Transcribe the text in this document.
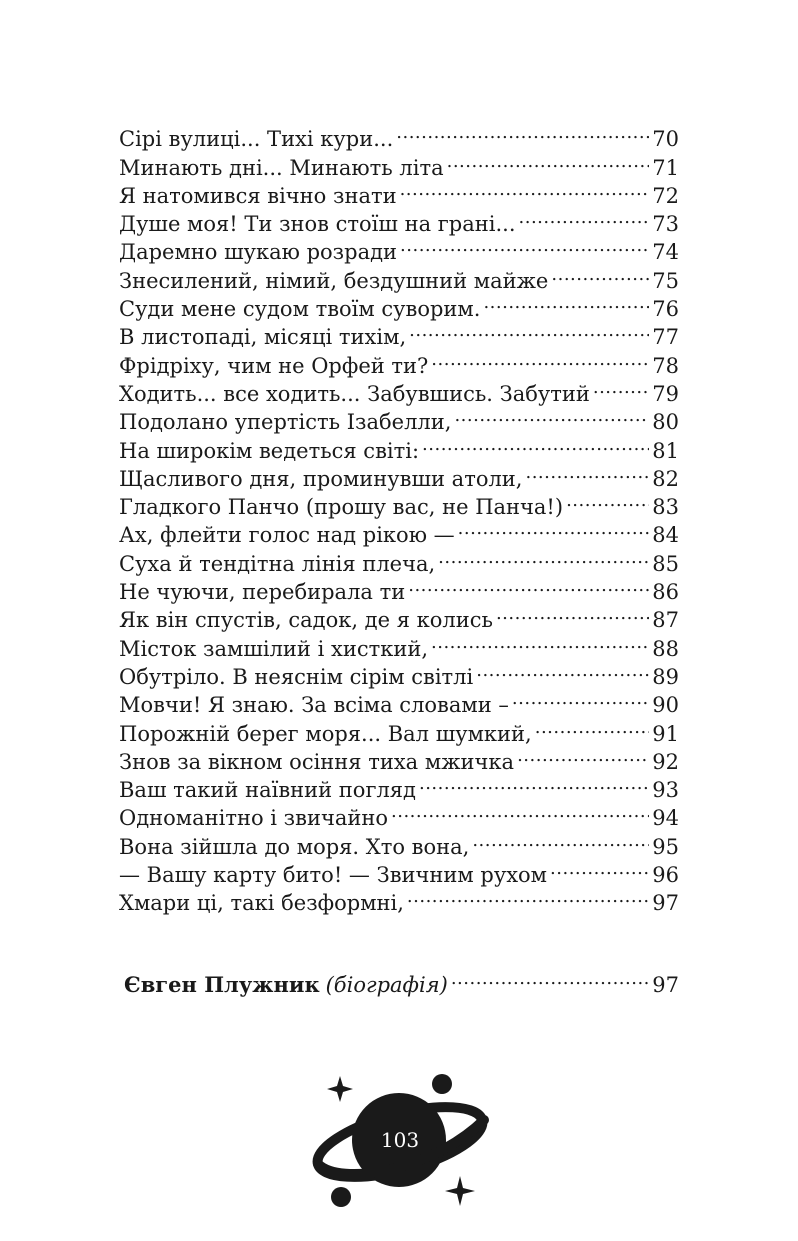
Сірі вулиці... Тихі кури... .....	70
Минають дні... Минають літа .....	71
Я натомився вічно знати .....	72
Душе моя! Ти знов стоїш на грані... .....	73
Даремно шукаю розради .....	74
Знесилений, німий, бездушний майже .....	75
Суди мене судом твоїм суворим. .....	76
В листопаді, місяці тихім, .....	77
Фрідріху, чим не Орфей ти? .....	78
Ходить... все ходить... Забувшись. Забутий .....	79
Подолано упертість Ізабелли, .....	80
На широкім ведеться світі: .....	81
Щасливого дня, проминувши атоли, .....	82
Гладкого Панчо (прошу вас, не Панча!) .....	83
Ах, флейти голос над рікою — .....	84
Суха й тендітна лінія плеча, .....	85
Не чуючи, перебирала ти .....	86
Як він спустів, садок, де я колись .....	87
Місток замшілий і хисткий, .....	88
Обутріло. В неяснім сірім світлі .....	89
Мовчи! Я знаю. За всіма словами – .....	90
Порожній берег моря... Вал шумкий, .....	91
Знов за вікном осіння тиха мжичка .....	92
Ваш такий наївний погляд .....	93
Одноманітно і звичайно .....	94
Вона зійшла до моря. Хто вона, .....	95
— Вашу карту бито! — Звичним рухом .....	96
Хмари ці, такі безформні, .....	97
Євген Плужник (біографія) .....	97
103
